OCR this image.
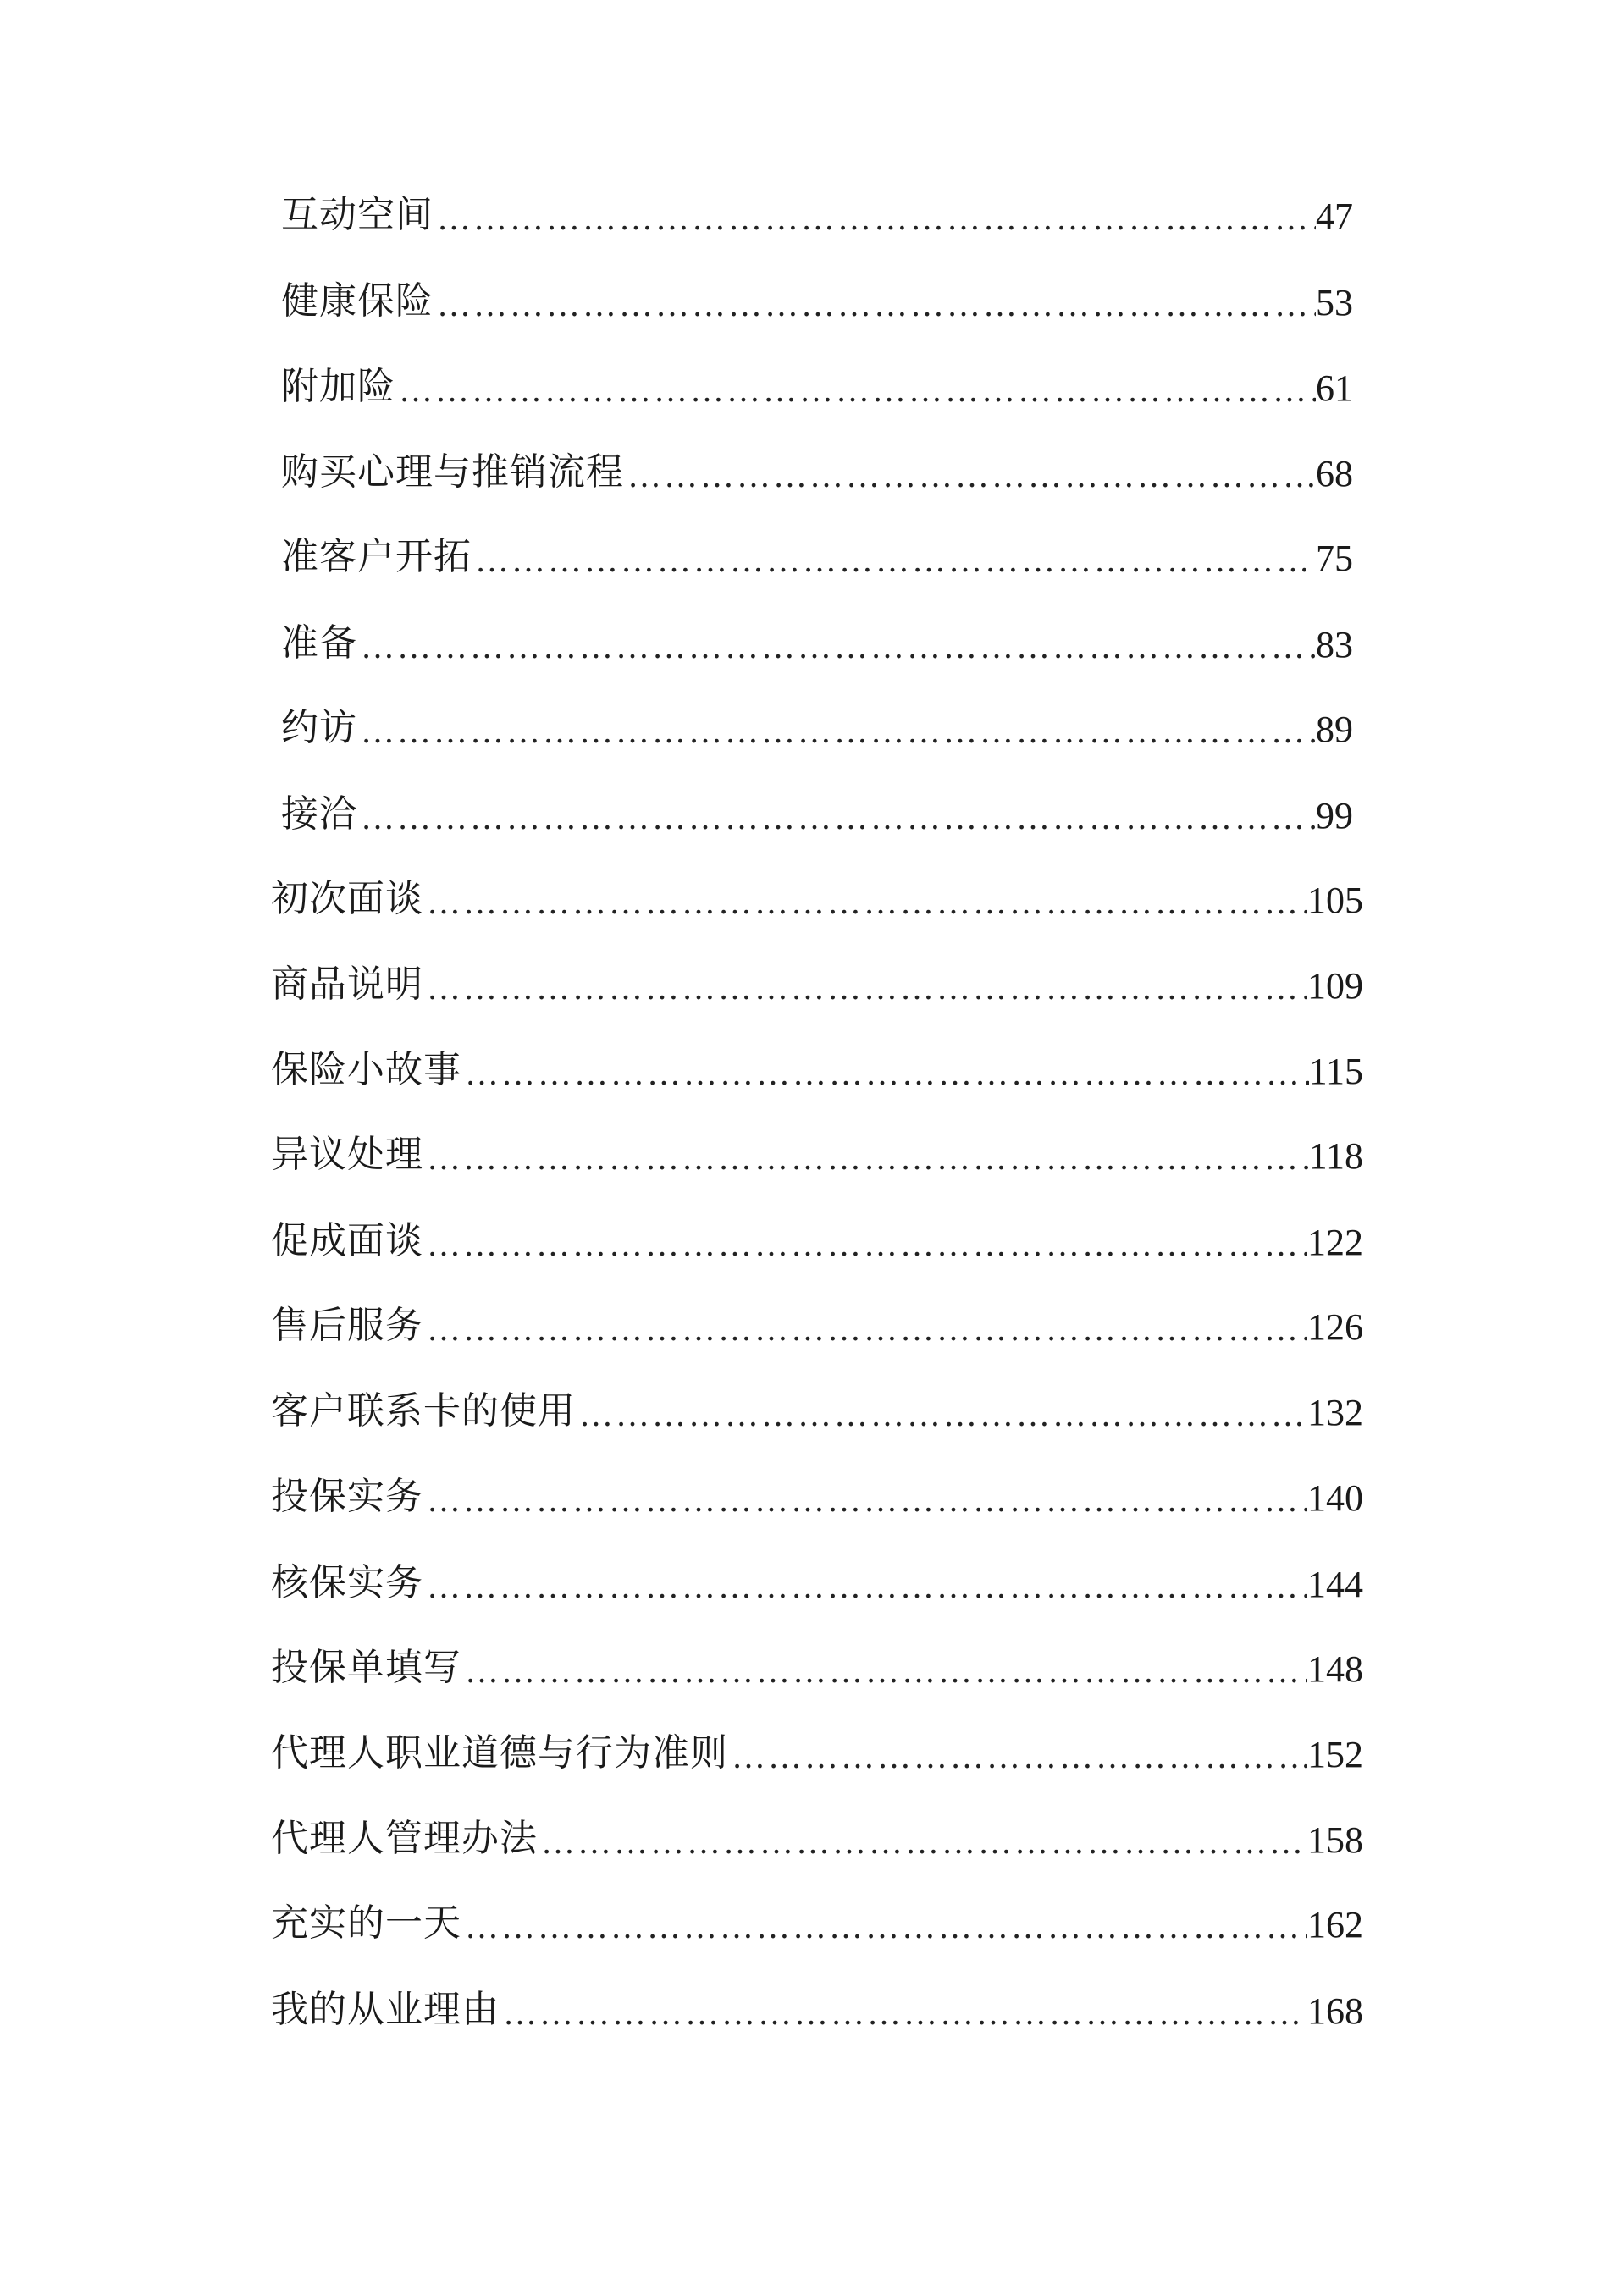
互动空间 ……………………………………………………………………………………………………………………………………………………………………………	47
健康保险 ……………………………………………………………………………………………………………………………………………………………………………	53
附加险 ……………………………………………………………………………………………………………………………………………………………………………	61
购买心理与推销流程 ……………………………………………………………………………………………………………………………………………………………………………	68
准客户开拓 ……………………………………………………………………………………………………………………………………………………………………………	75
准备 ……………………………………………………………………………………………………………………………………………………………………………	83
约访 ……………………………………………………………………………………………………………………………………………………………………………	89
接洽 ……………………………………………………………………………………………………………………………………………………………………………	99
初次面谈 ……………………………………………………………………………………………………………………………………………………………………………	105
商品说明 ……………………………………………………………………………………………………………………………………………………………………………	109
保险小故事 ……………………………………………………………………………………………………………………………………………………………………………	115
异议处理 ……………………………………………………………………………………………………………………………………………………………………………	118
促成面谈 ……………………………………………………………………………………………………………………………………………………………………………	122
售后服务 ……………………………………………………………………………………………………………………………………………………………………………	126
客户联系卡的使用 ……………………………………………………………………………………………………………………………………………………………………………	132
投保实务 ……………………………………………………………………………………………………………………………………………………………………………	140
核保实务 ……………………………………………………………………………………………………………………………………………………………………………	144
投保单填写 ……………………………………………………………………………………………………………………………………………………………………………	148
代理人职业道德与行为准则 ……………………………………………………………………………………………………………………………………………………………………………	152
代理人管理办法 ……………………………………………………………………………………………………………………………………………………………………………	158
充实的一天 ……………………………………………………………………………………………………………………………………………………………………………	162
我的从业理由 ……………………………………………………………………………………………………………………………………………………………………………	168
